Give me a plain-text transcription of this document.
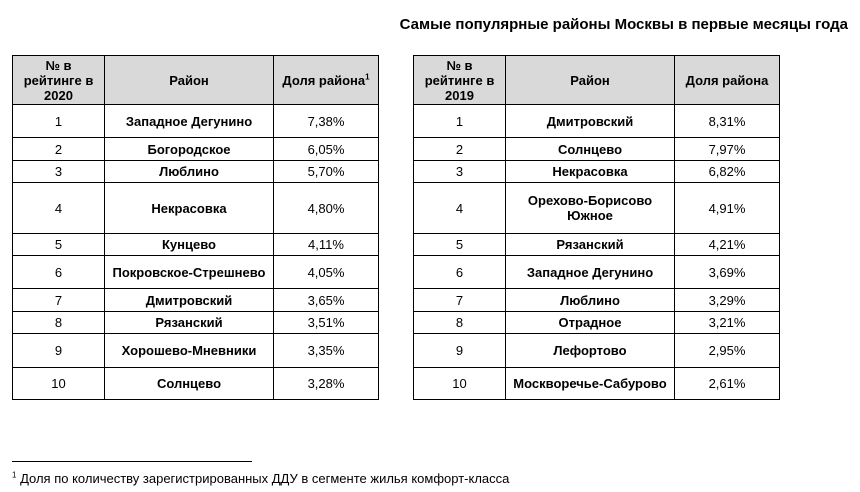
Самые популярные районы Москвы в первые месяцы года
№ в рейтинге в 2020	Район	Доля района$^1$
1	Западное Дегунино	7,38%
2	Богородское	6,05%
3	Люблино	5,70%
4	Некрасовка	4,80%
5	Кунцево	4,11%
6	Покровское-Стрешнево	4,05%
7	Дмитровский	3,65%
8	Рязанский	3,51%
9	Хорошево-Мневники	3,35%
10	Солнцево	3,28%
№ в рейтинге в 2019	Район	Доля района
1	Дмитровский	8,31%
2	Солнцево	7,97%
3	Некрасовка	6,82%
4	Орехово-Борисово Южное	4,91%
5	Рязанский	4,21%
6	Западное Дегунино	3,69%
7	Люблино	3,29%
8	Отрадное	3,21%
9	Лефортово	2,95%
10	Москворечье-Сабурово	2,61%
$^1$ Доля по количеству зарегистрированных ДДУ в сегменте жилья комфорт-класса
